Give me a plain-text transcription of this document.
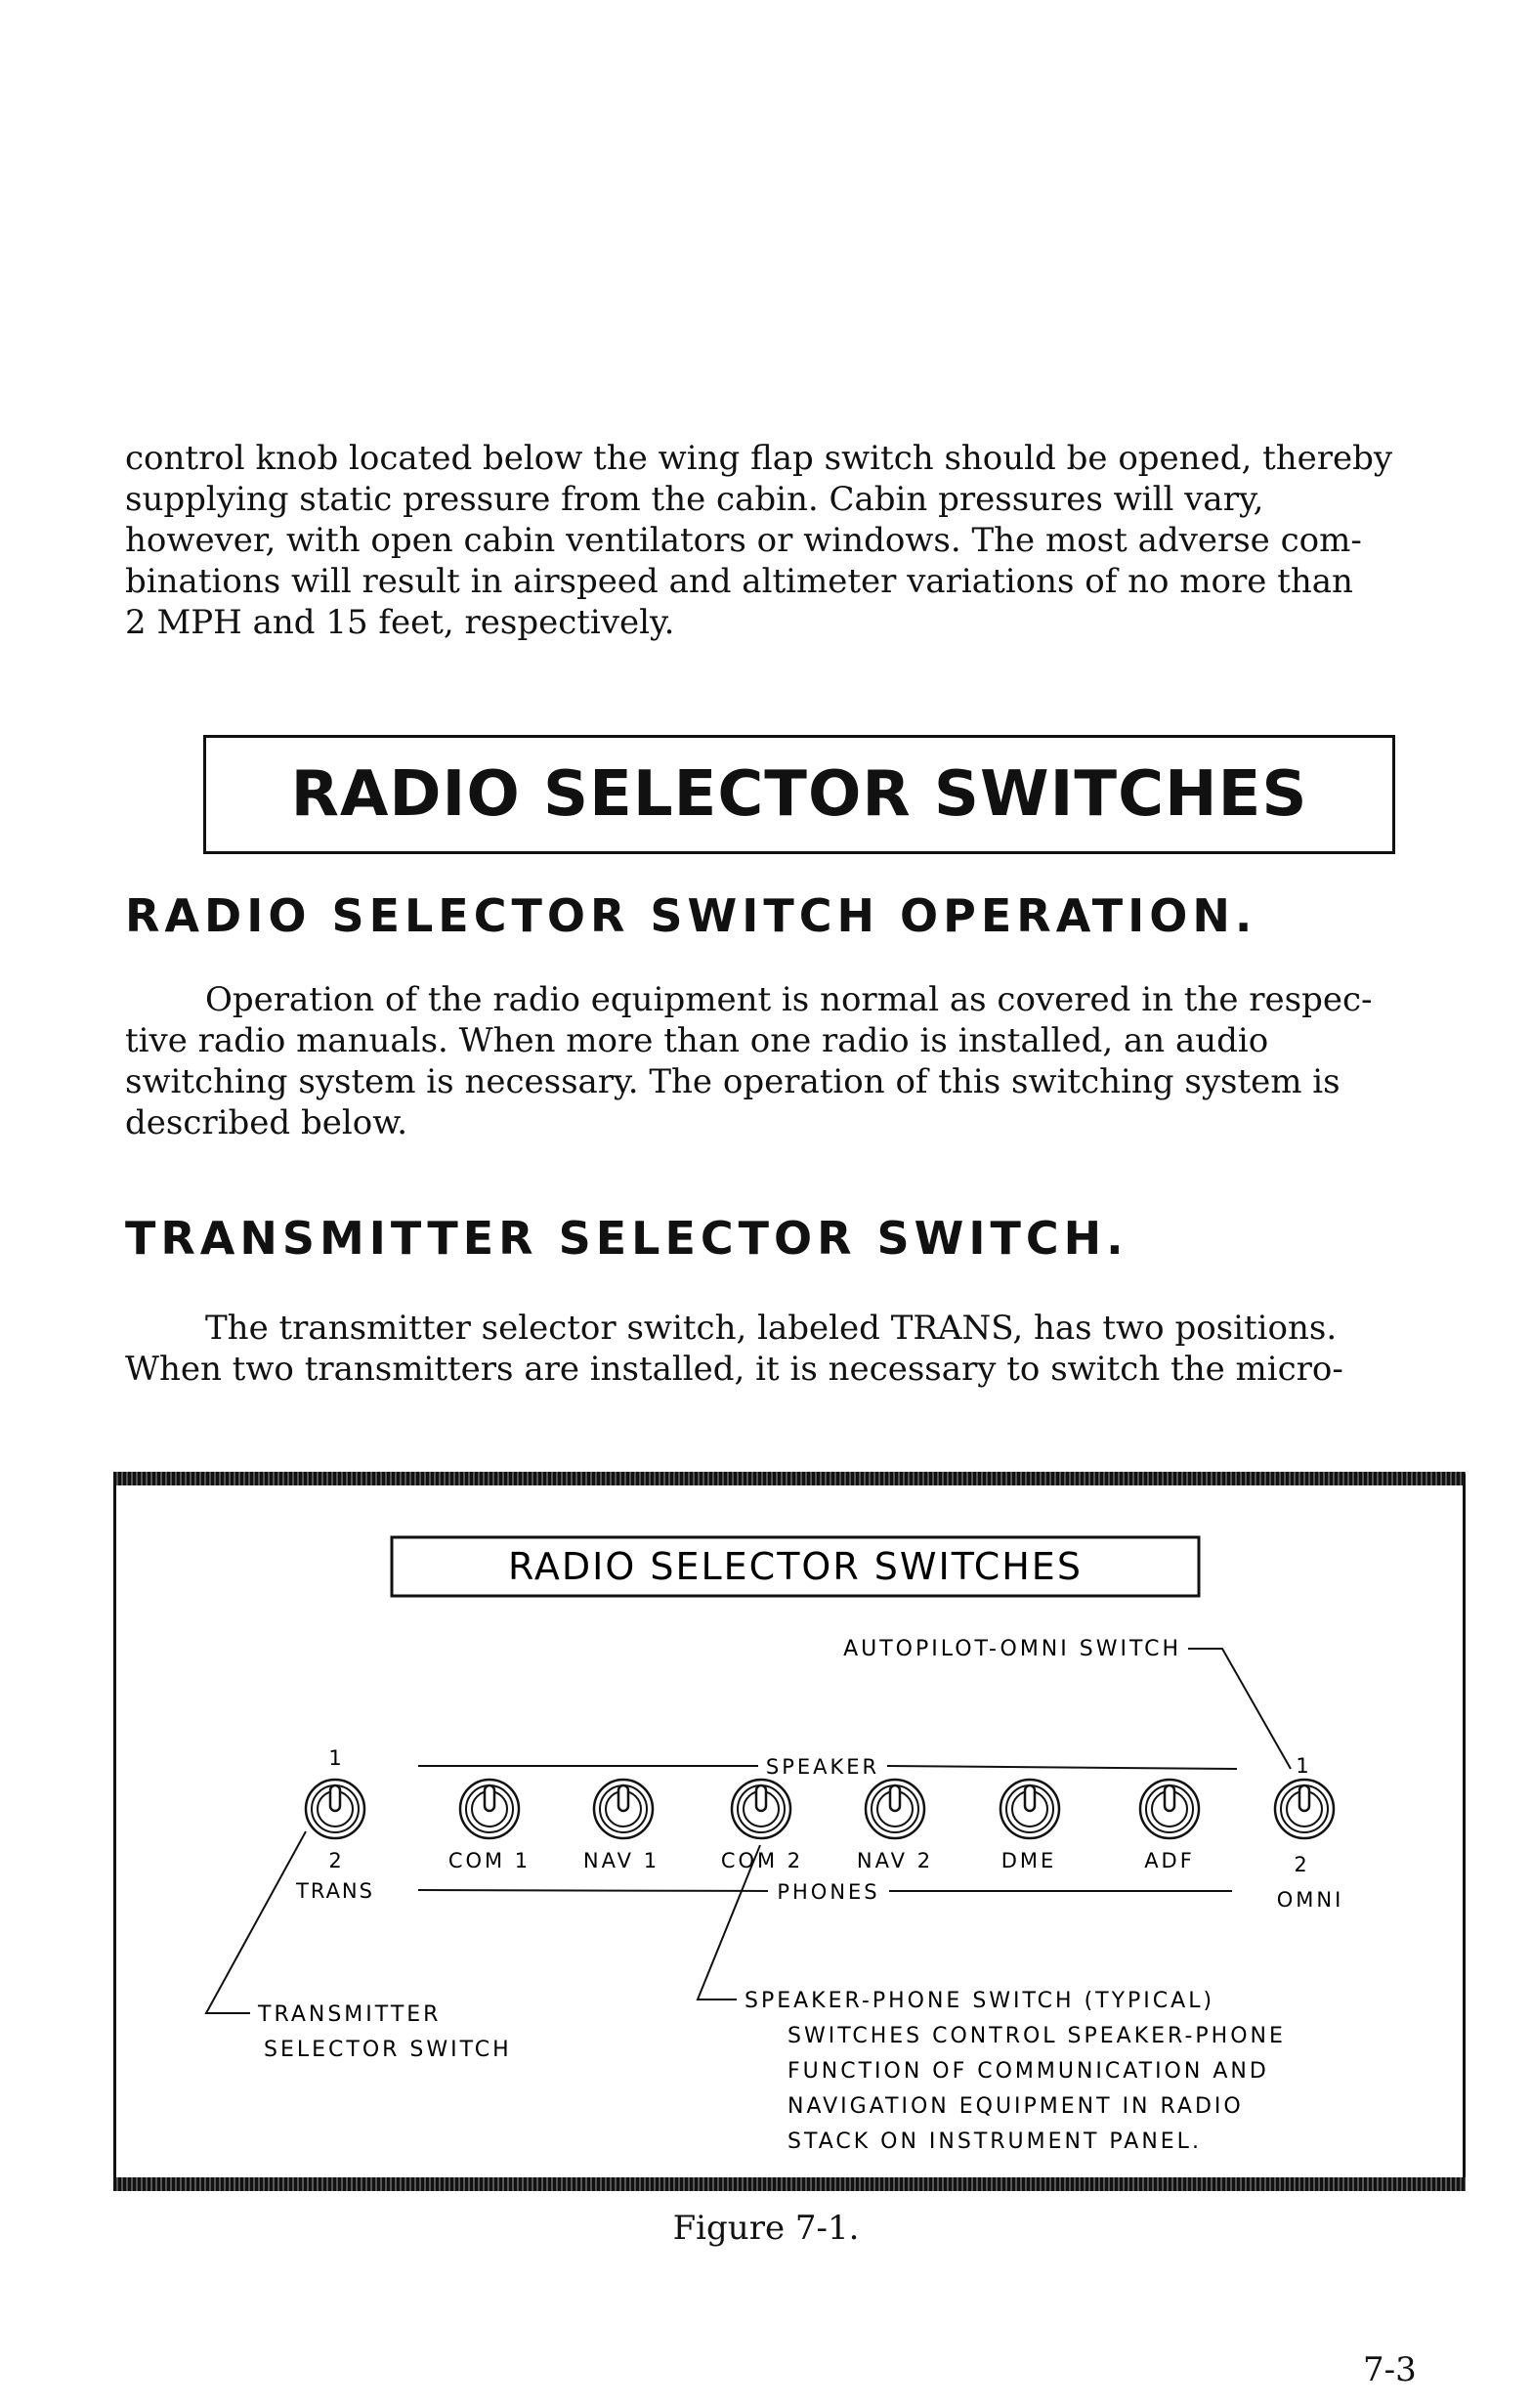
control knob located below the wing flap switch should be opened, thereby
supplying static pressure from the cabin. Cabin pressures will vary,
however, with open cabin ventilators or windows. The most adverse com-
binations will result in airspeed and altimeter variations of no more than
2 MPH and 15 feet, respectively.
RADIO SELECTOR SWITCHES
RADIO SELECTOR SWITCH OPERATION.
Operation of the radio equipment is normal as covered in the respec-
tive radio manuals. When more than one radio is installed, an audio
switching system is necessary. The operation of this switching system is
described below.
TRANSMITTER SELECTOR SWITCH.
The transmitter selector switch, labeled TRANS, has two positions.
When two transmitters are installed, it is necessary to switch the micro-
RADIO SELECTOR SWITCHES
AUTOPILOT-OMNI SWITCH
SPEAKER
PHONES
1
2
TRANS
COM 1	NAV 1	COM 2	NAV 2	DME	ADF
1
2
OMNI
TRANSMITTER
SELECTOR SWITCH
SPEAKER-PHONE SWITCH (TYPICAL)
SWITCHES CONTROL SPEAKER-PHONE
FUNCTION OF COMMUNICATION AND
NAVIGATION EQUIPMENT IN RADIO
STACK ON INSTRUMENT PANEL.
Figure 7-1.
7-3
